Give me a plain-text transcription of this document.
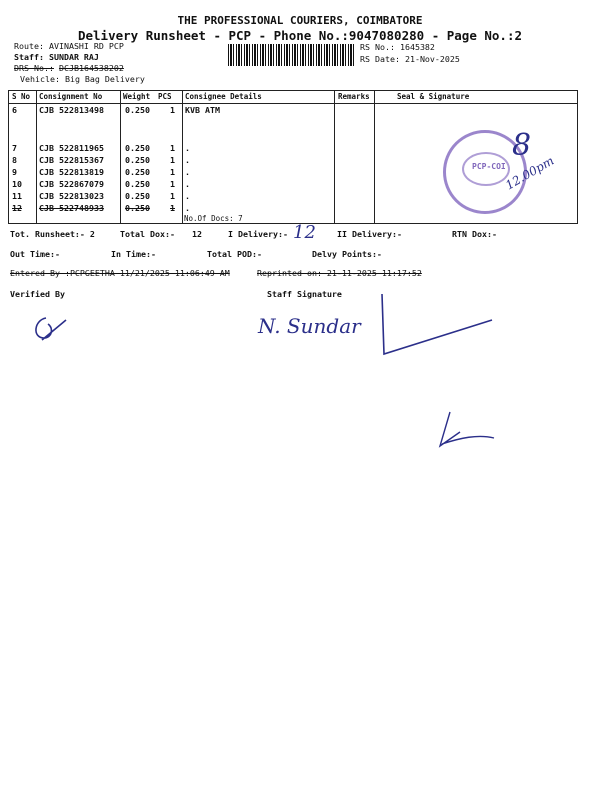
THE PROFESSIONAL COURIERS, COIMBATORE
Delivery Runsheet - PCP - Phone No.:9047080280 - Page No.:2
Route: AVINASHI RD PCP
Staff: SUNDAR RAJ
DRS No.: DCJB164538202
Vehicle: Big Bag Delivery
RS No.: 1645382
RS Date: 21-Nov-2025
S No Consignment No	Weight PCS Consignee Details	Remarks	Seal & Signature
6	CJB 522813498	0.250 1 KVB ATM
7	CJB 522811965	0.250 1 .
8	CJB 522815367	0.250 1 .
9	CJB 522813819	0.250 1 .
10 CJB 522867079	0.250 1 .
11 CJB 522813023	0.250 1 .
12 CJB 522748933	0.250 1 .
No.Of Docs: 7
PCP-COI
8
12.00pm
Tot. Runsheet:- 2	Total Dox:- 12	I Delivery:- 12	II Delivery:-	RTN Dox:-
Out Time:-	In Time:-	Total POD:-	Delvy Points:-
Entered By :PCPGEETHA 11/21/2025 11:06:49 AM	Reprinted on: 21-11-2025 11:17:52
Verified By	Staff Signature
N. Sundar
